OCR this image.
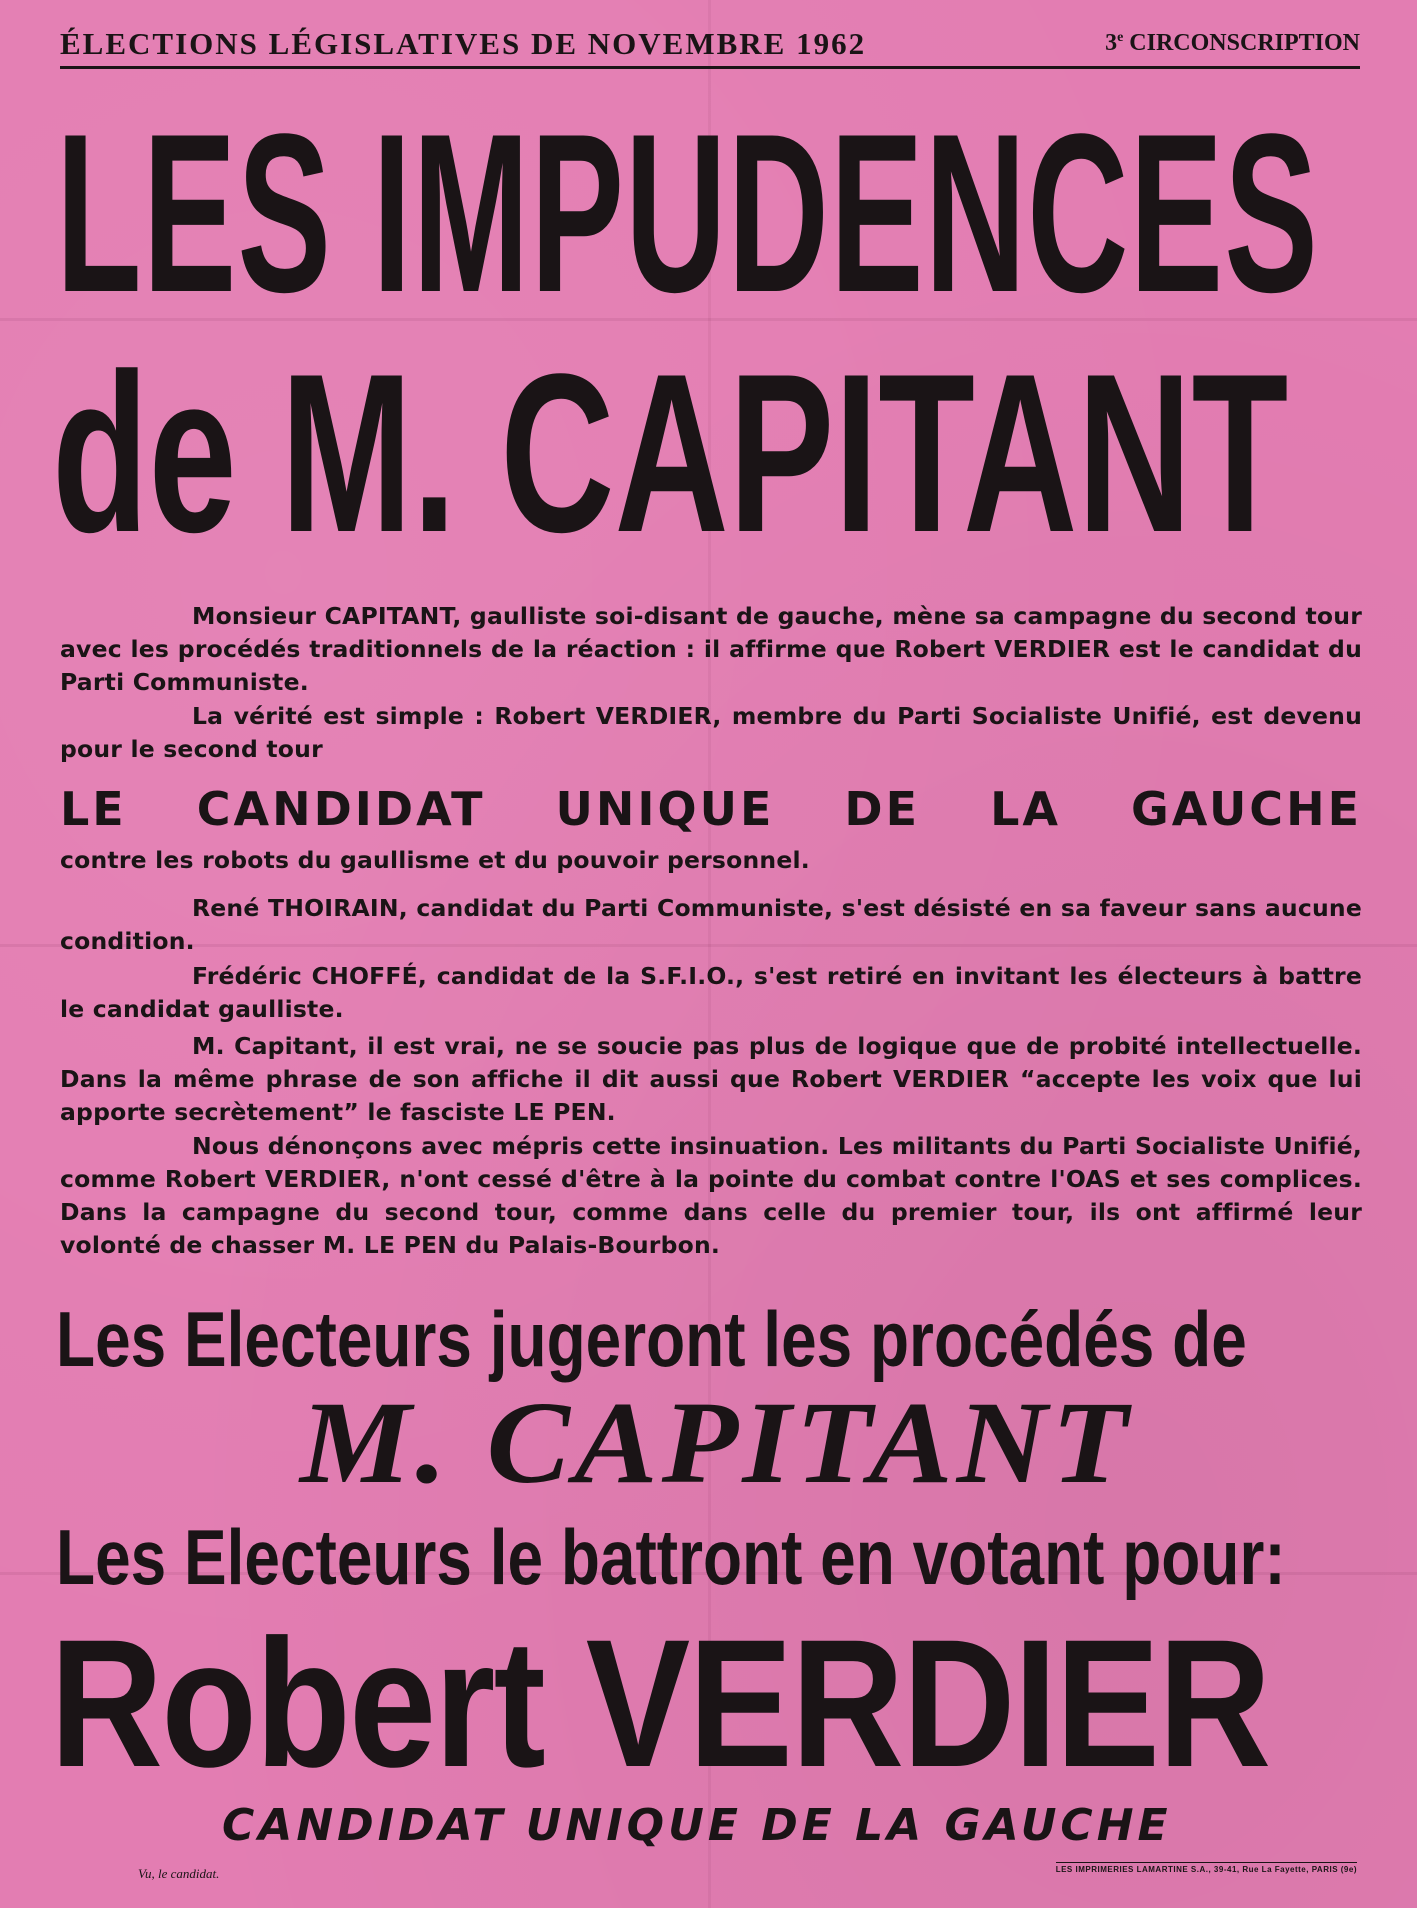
ÉLECTIONS LÉGISLATIVES DE NOVEMBRE 1962	3e CIRCONSCRIPTION
LES IMPUDENCES
de M. CAPITANT
Monsieur CAPITANT, gaulliste soi-disant de gauche, mène sa campagne du second tour avec les procédés traditionnels de la réaction : il affirme que Robert VERDIER est le candidat du Parti Communiste.
La vérité est simple : Robert VERDIER, membre du Parti Socialiste Unifié, est devenu pour le second tour
LE CANDIDAT UNIQUE DE LA GAUCHE
contre les robots du gaullisme et du pouvoir personnel.
René THOIRAIN, candidat du Parti Communiste, s'est désisté en sa faveur sans aucune condition.
Frédéric CHOFFÉ, candidat de la S.F.I.O., s'est retiré en invitant les électeurs à battre le candidat gaulliste.
M. Capitant, il est vrai, ne se soucie pas plus de logique que de probité intellectuelle. Dans la même phrase de son affiche il dit aussi que Robert VERDIER “accepte les voix que lui apporte secrètement” le fasciste LE PEN.
Nous dénonçons avec mépris cette insinuation. Les militants du Parti Socialiste Unifié, comme Robert VERDIER, n'ont cessé d'être à la pointe du combat contre l'OAS et ses complices. Dans la campagne du second tour, comme dans celle du premier tour, ils ont affirmé leur volonté de chasser M. LE PEN du Palais-Bourbon.
Les Electeurs jugeront les procédés de
M. CAPITANT
Les Electeurs le battront en votant pour:
Robert VERDIER
CANDIDAT UNIQUE DE LA GAUCHE
Vu, le candidat.	LES IMPRIMERIES LAMARTINE S.A., 39-41, Rue La Fayette, PARIS (9e)
